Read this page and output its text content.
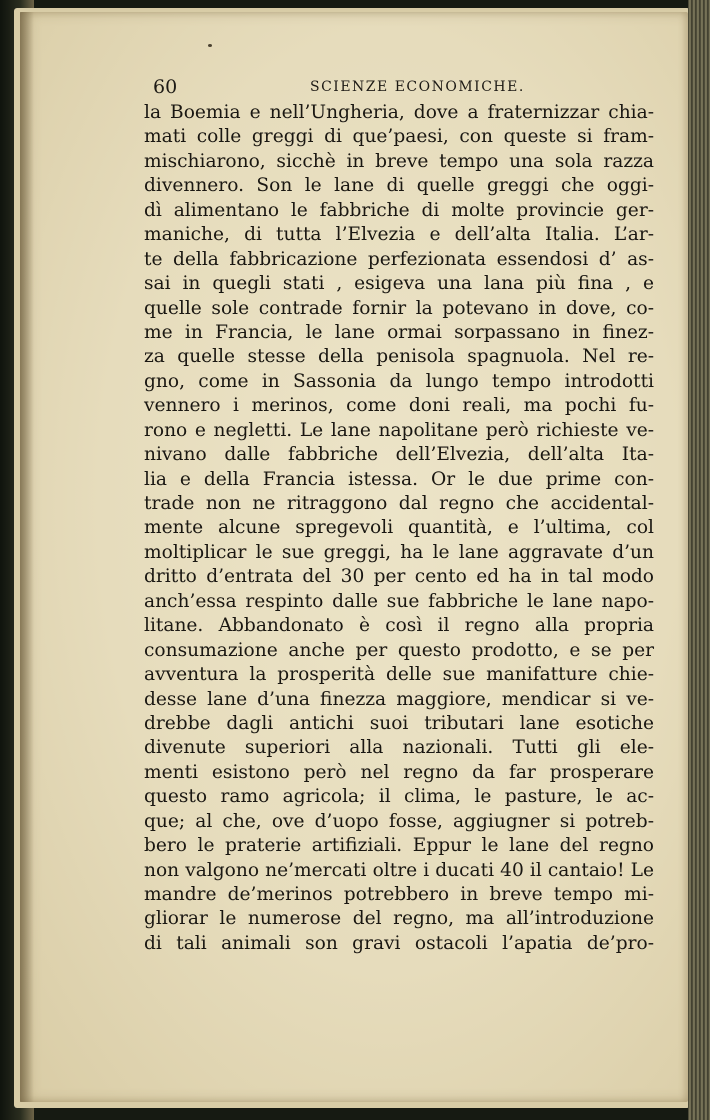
60	SCIENZE ECONOMICHE.
la Boemia e nell’Ungheria, dove a fraternizzar chia-
mati colle greggi di que’paesi, con queste si fram-
mischiarono, sicchè in breve tempo una sola razza
divennero. Son le lane di quelle greggi che oggi-
dì alimentano le fabbriche di molte provincie ger-
maniche, di tutta l’Elvezia e dell’alta Italia. L’ar-
te della fabbricazione perfezionata essendosi d’ as-
sai in quegli stati , esigeva una lana più fina , e
quelle sole contrade fornir la potevano in dove, co-
me in Francia, le lane ormai sorpassano in finez-
za quelle stesse della penisola spagnuola. Nel re-
gno, come in Sassonia da lungo tempo introdotti
vennero i merinos, come doni reali, ma pochi fu-
rono e negletti. Le lane napolitane però richieste ve-
nivano dalle fabbriche dell’Elvezia, dell’alta Ita-
lia e della Francia istessa. Or le due prime con-
trade non ne ritraggono dal regno che accidental-
mente alcune spregevoli quantità, e l’ultima, col
moltiplicar le sue greggi, ha le lane aggravate d’un
dritto d’entrata del 30 per cento ed ha in tal modo
anch’essa respinto dalle sue fabbriche le lane napo-
litane. Abbandonato è così il regno alla propria
consumazione anche per questo prodotto, e se per
avventura la prosperità delle sue manifatture chie-
desse lane d’una finezza maggiore, mendicar si ve-
drebbe dagli antichi suoi tributari lane esotiche
divenute superiori alla nazionali. Tutti gli ele-
menti esistono però nel regno da far prosperare
questo ramo agricola; il clima, le pasture, le ac-
que; al che, ove d’uopo fosse, aggiugner si potreb-
bero le praterie artifiziali. Eppur le lane del regno
non valgono ne’mercati oltre i ducati 40 il cantaio! Le
mandre de’merinos potrebbero in breve tempo mi-
gliorar le numerose del regno, ma all’introduzione
di tali animali son gravi ostacoli l’apatia de’pro-
